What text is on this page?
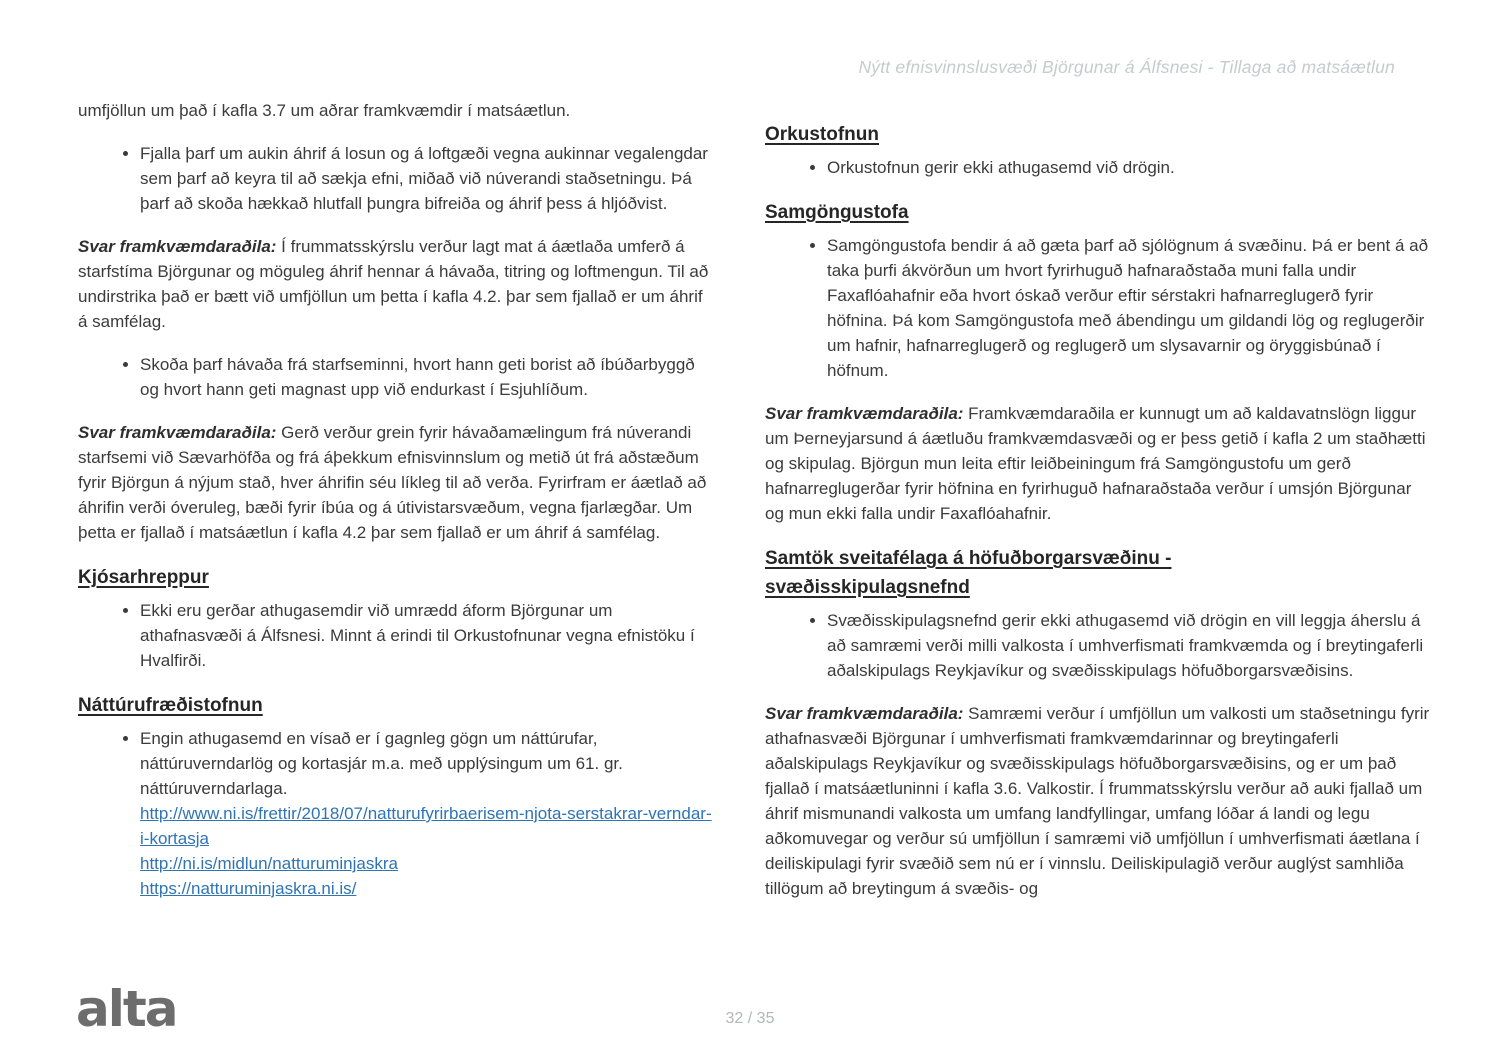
Nýtt efnisvinnslusvæði Björgunar á Álfsnesi - Tillaga að matsáætlun

umfjöllun um það í kafla 3.7 um aðrar framkvæmdir í matsáætlun.

• Fjalla þarf um aukin áhrif á losun og á loftgæði vegna aukinnar vegalengdar sem þarf að keyra til að sækja efni, miðað við núverandi staðsetningu. Þá þarf að skoða hækkað hlutfall þungra bifreiða og áhrif þess á hljóðvist.

Svar framkvæmdaraðila: Í frummatsskýrslu verður lagt mat á áætlaða umferð á starfstíma Björgunar og möguleg áhrif hennar á hávaða, titring og loftmengun. Til að undirstrika það er bætt við umfjöllun um þetta í kafla 4.2. þar sem fjallað er um áhrif á samfélag.

• Skoða þarf hávaða frá starfseminni, hvort hann geti borist að íbúðarbyggð og hvort hann geti magnast upp við endurkast í Esjuhlíðum.

Svar framkvæmdaraðila: Gerð verður grein fyrir hávaðamælingum frá núverandi starfsemi við Sævarhöfða og frá áþekkum efnisvinnslum og metið út frá aðstæðum fyrir Björgun á nýjum stað, hver áhrifin séu líkleg til að verða. Fyrirfram er áætlað að áhrifin verði óveruleg, bæði fyrir íbúa og á útivistarsvæðum, vegna fjarlægðar. Um þetta er fjallað í matsáætlun í kafla 4.2 þar sem fjallað er um áhrif á samfélag.

Kjósarhreppur
• Ekki eru gerðar athugasemdir við umrædd áform Björgunar um athafnasvæði á Álfsnesi. Minnt á erindi til Orkustofnunar vegna efnistöku í Hvalfirði.
Náttúrufræðistofnun
• Engin athugasemd en vísað er í gagnleg gögn um náttúrufar, náttúruverndarlög og kortasjár m.a. með upplýsingum um 61. gr. náttúruverndarlaga.
http://www.ni.is/frettir/2018/07/natturufyrirbaerisem-njota-serstakrar-verndar-i-kortasja
http://ni.is/midlun/natturuminjaskra
https://natturuminjaskra.ni.is/
Orkustofnun
• Orkustofnun gerir ekki athugasemd við drögin.
Samgöngustofa
• Samgöngustofa bendir á að gæta þarf að sjólögnum á svæðinu. Þá er bent á að taka þurfi ákvörðun um hvort fyrirhuguð hafnaraðstaða muni falla undir Faxaflóahafnir eða hvort óskað verður eftir sérstakri hafnarreglugerð fyrir höfnina. Þá kom Samgöngustofa með ábendingu um gildandi lög og reglugerðir um hafnir, hafnarreglugerð og reglugerð um slysavarnir og öryggisbúnað í höfnum.

Svar framkvæmdaraðila: Framkvæmdaraðila er kunnugt um að kaldavatnslögn liggur um Þerneyjarsund á áætluðu framkvæmdasvæði og er þess getið í kafla 2 um staðhætti og skipulag. Björgun mun leita eftir leiðbeiningum frá Samgöngustofu um gerð hafnarreglugerðar fyrir höfnina en fyrirhuguð hafnaraðstaða verður í umsjón Björgunar og mun ekki falla undir Faxaflóahafnir.

Samtök sveitafélaga á höfuðborgarsvæðinu - svæðisskipulagsnefnd
• Svæðisskipulagsnefnd gerir ekki athugasemd við drögin en vill leggja áherslu á að samræmi verði milli valkosta í umhverfismati framkvæmda og í breytingaferli aðalskipulags Reykjavíkur og svæðisskipulags höfuðborgarsvæðisins.

Svar framkvæmdaraðila: Samræmi verður í umfjöllun um valkosti um staðsetningu fyrir athafnasvæði Björgunar í umhverfismati framkvæmdarinnar og breytingaferli aðalskipulags Reykjavíkur og svæðisskipulags höfuðborgarsvæðisins, og er um það fjallað í matsáætluninni í kafla 3.6. Valkostir. Í frummatsskýrslu verður að auki fjallað um áhrif mismunandi valkosta um umfang landfyllingar, umfang lóðar á landi og legu aðkomuvegar og verður sú umfjöllun í samræmi við umfjöllun í umhverfismati áætlana í deiliskipulagi fyrir svæðið sem nú er í vinnslu. Deiliskipulagið verður auglýst samhliða tillögum að breytingum á svæðis- og

alta	32 / 35
